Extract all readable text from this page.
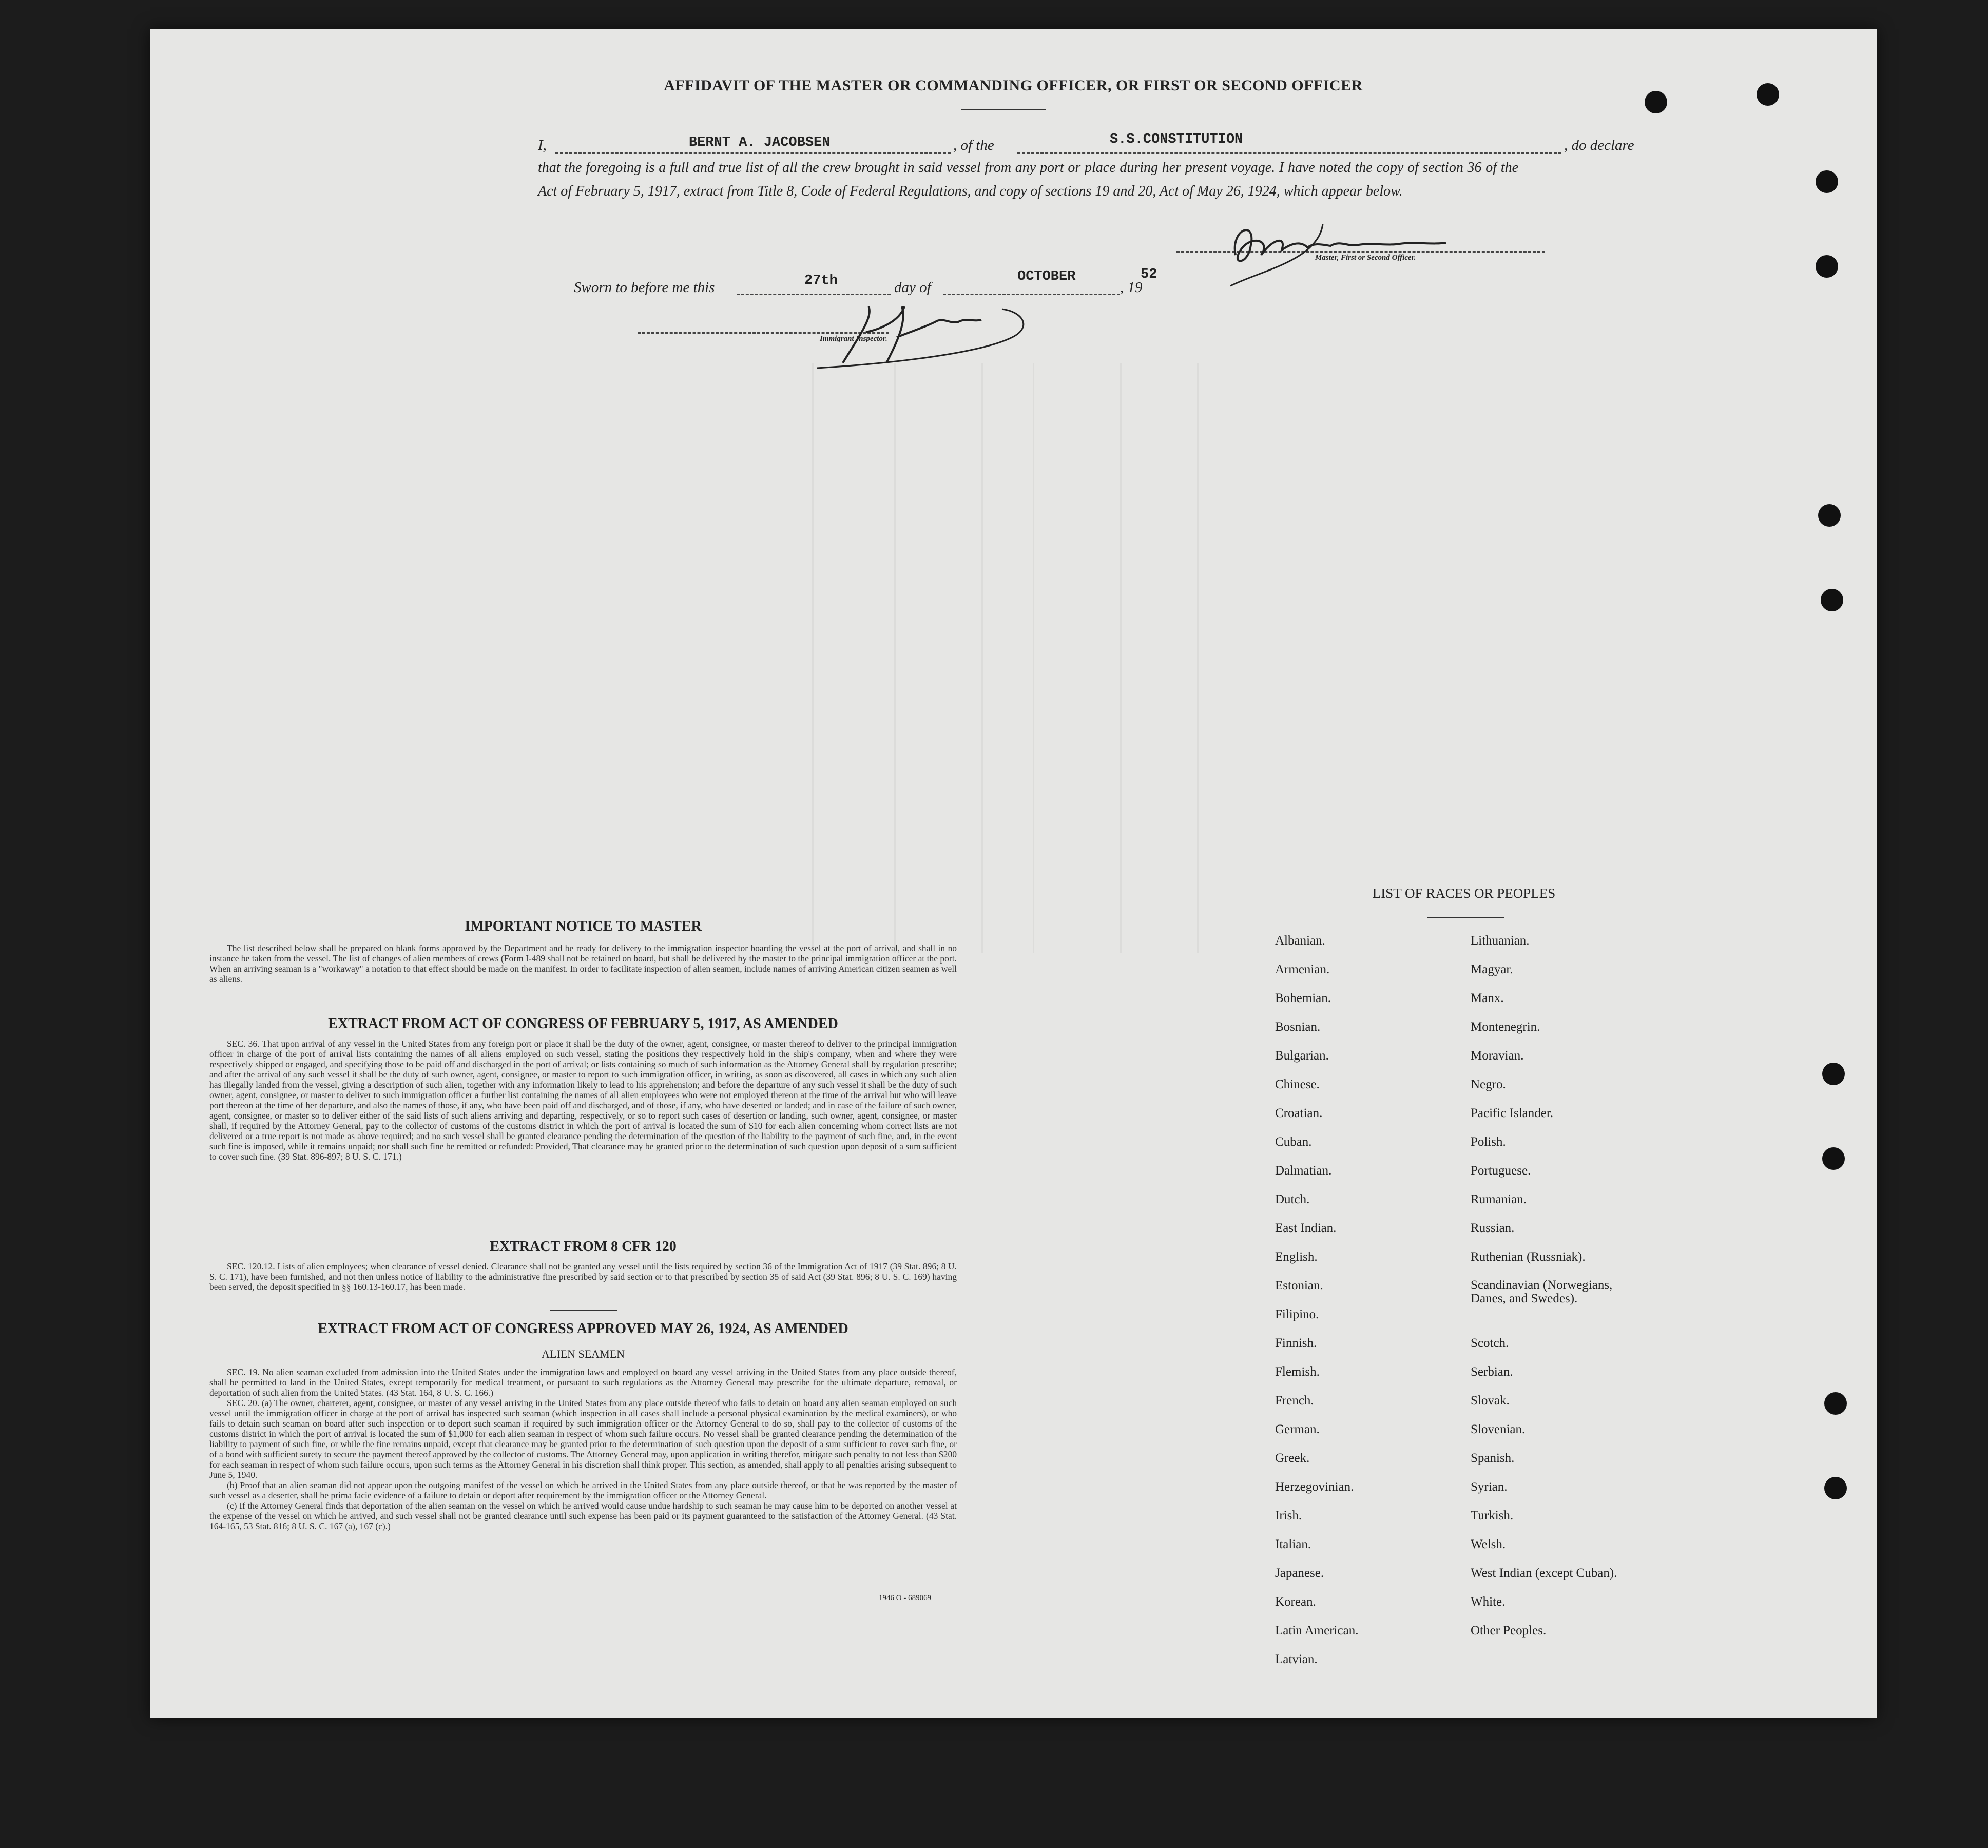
AFFIDAVIT OF THE MASTER OR COMMANDING OFFICER, OR FIRST OR SECOND OFFICER
I,	BERNT A. JACOBSEN	, of the	S.S.CONSTITUTION	, do declare
that the foregoing is a full and true list of all the crew brought in said vessel from any port or place during her present voyage. I have noted the copy of section 36 of the Act of February 5, 1917, extract from Title 8, Code of Federal Regulations, and copy of sections 19 and 20, Act of May 26, 1924, which appear below.
Master, First or Second Officer.
Sworn to before me this	27th	day of
OCTOBER
, 19
52
Immigrant Inspector.
IMPORTANT NOTICE TO MASTER

The list described below shall be prepared on blank forms approved by the Department and be ready for delivery to the immigration inspector boarding the vessel at the port of arrival, and shall in no instance be taken from the vessel. The list of changes of alien members of crews (Form I-489 shall not be retained on board, but shall be delivered by the master to the principal immigration officer at the port. When an arriving seaman is a "workaway" a notation to that effect should be made on the manifest. In order to facilitate inspection of alien seamen, include names of arriving American citizen seamen as well as aliens.

EXTRACT FROM ACT OF CONGRESS OF FEBRUARY 5, 1917, AS AMENDED

SEC. 36. That upon arrival of any vessel in the United States from any foreign port or place it shall be the duty of the owner, agent, consignee, or master thereof to deliver to the principal immigration officer in charge of the port of arrival lists containing the names of all aliens employed on such vessel, stating the positions they respectively hold in the ship's company, when and where they were respectively shipped or engaged, and specifying those to be paid off and discharged in the port of arrival; or lists containing so much of such information as the Attorney General shall by regulation prescribe; and after the arrival of any such vessel it shall be the duty of such owner, agent, consignee, or master to report to such immigration officer, in writing, as soon as discovered, all cases in which any such alien has illegally landed from the vessel, giving a description of such alien, together with any information likely to lead to his apprehension; and before the departure of any such vessel it shall be the duty of such owner, agent, consignee, or master to deliver to such immigration officer a further list containing the names of all alien employees who were not employed thereon at the time of the arrival but who will leave port thereon at the time of her departure, and also the names of those, if any, who have been paid off and discharged, and of those, if any, who have deserted or landed; and in case of the failure of such owner, agent, consignee, or master so to deliver either of the said lists of such aliens arriving and departing, respectively, or so to report such cases of desertion or landing, such owner, agent, consignee, or master shall, if required by the Attorney General, pay to the collector of customs of the customs district in which the port of arrival is located the sum of $10 for each alien concerning whom correct lists are not delivered or a true report is not made as above required; and no such vessel shall be granted clearance pending the determination of the question of the liability to the payment of such fine, and, in the event such fine is imposed, while it remains unpaid; nor shall such fine be remitted or refunded: Provided, That clearance may be granted prior to the determination of such question upon deposit of a sum sufficient to cover such fine. (39 Stat. 896-897; 8 U. S. C. 171.)

EXTRACT FROM 8 CFR 120

SEC. 120.12. Lists of alien employees; when clearance of vessel denied. Clearance shall not be granted any vessel until the lists required by section 36 of the Immigration Act of 1917 (39 Stat. 896; 8 U. S. C. 171), have been furnished, and not then unless notice of liability to the administrative fine prescribed by said section or to that prescribed by section 35 of said Act (39 Stat. 896; 8 U. S. C. 169) having been served, the deposit specified in §§ 160.13-160.17, has been made.

EXTRACT FROM ACT OF CONGRESS APPROVED MAY 26, 1924, AS AMENDED
ALIEN SEAMEN

SEC. 19. No alien seaman excluded from admission into the United States under the immigration laws and employed on board any vessel arriving in the United States from any place outside thereof, shall be permitted to land in the United States, except temporarily for medical treatment, or pursuant to such regulations as the Attorney General may prescribe for the ultimate departure, removal, or deportation of such alien from the United States. (43 Stat. 164, 8 U. S. C. 166.)

SEC. 20. (a) The owner, charterer, agent, consignee, or master of any vessel arriving in the United States from any place outside thereof who fails to detain on board any alien seaman employed on such vessel until the immigration officer in charge at the port of arrival has inspected such seaman (which inspection in all cases shall include a personal physical examination by the medical examiners), or who fails to detain such seaman on board after such inspection or to deport such seaman if required by such immigration officer or the Attorney General to do so, shall pay to the collector of customs of the customs district in which the port of arrival is located the sum of $1,000 for each alien seaman in respect of whom such failure occurs. No vessel shall be granted clearance pending the determination of the liability to payment of such fine, or while the fine remains unpaid, except that clearance may be granted prior to the determination of such question upon the deposit of a sum sufficient to cover such fine, or of a bond with sufficient surety to secure the payment thereof approved by the collector of customs. The Attorney General may, upon application in writing therefor, mitigate such penalty to not less than $200 for each seaman in respect of whom such failure occurs, upon such terms as the Attorney General in his discretion shall think proper. This section, as amended, shall apply to all penalties arising subsequent to June 5, 1940.

(b) Proof that an alien seaman did not appear upon the outgoing manifest of the vessel on which he arrived in the United States from any place outside thereof, or that he was reported by the master of such vessel as a deserter, shall be prima facie evidence of a failure to detain or deport after requirement by the immigration officer or the Attorney General.

(c) If the Attorney General finds that deportation of the alien seaman on the vessel on which he arrived would cause undue hardship to such seaman he may cause him to be deported on another vessel at the expense of the vessel on which he arrived, and such vessel shall not be granted clearance until such expense has been paid or its payment guaranteed to the satisfaction of the Attorney General. (43 Stat. 164-165, 53 Stat. 816; 8 U. S. C. 167 (a), 167 (c).)

1946 O - 689069
LIST OF RACES OR PEOPLES
Albanian.
Armenian.
Bohemian.
Bosnian.
Bulgarian.
Chinese.
Croatian.
Cuban.
Dalmatian.
Dutch.
East Indian.
English.
Estonian.
Filipino.
Finnish.
Flemish.
French.
German.
Greek.
Herzegovinian.
Irish.
Italian.
Japanese.
Korean.
Latin American.
Latvian.
Lithuanian.
Magyar.
Manx.
Montenegrin.
Moravian.
Negro.
Pacific Islander.
Polish.
Portuguese.
Rumanian.
Russian.
Ruthenian (Russniak).
Scandinavian (Norwegians, Danes, and Swedes).
Scotch.
Serbian.
Slovak.
Slovenian.
Spanish.
Syrian.
Turkish.
Welsh.
West Indian (except Cuban).
White.
Other Peoples.
